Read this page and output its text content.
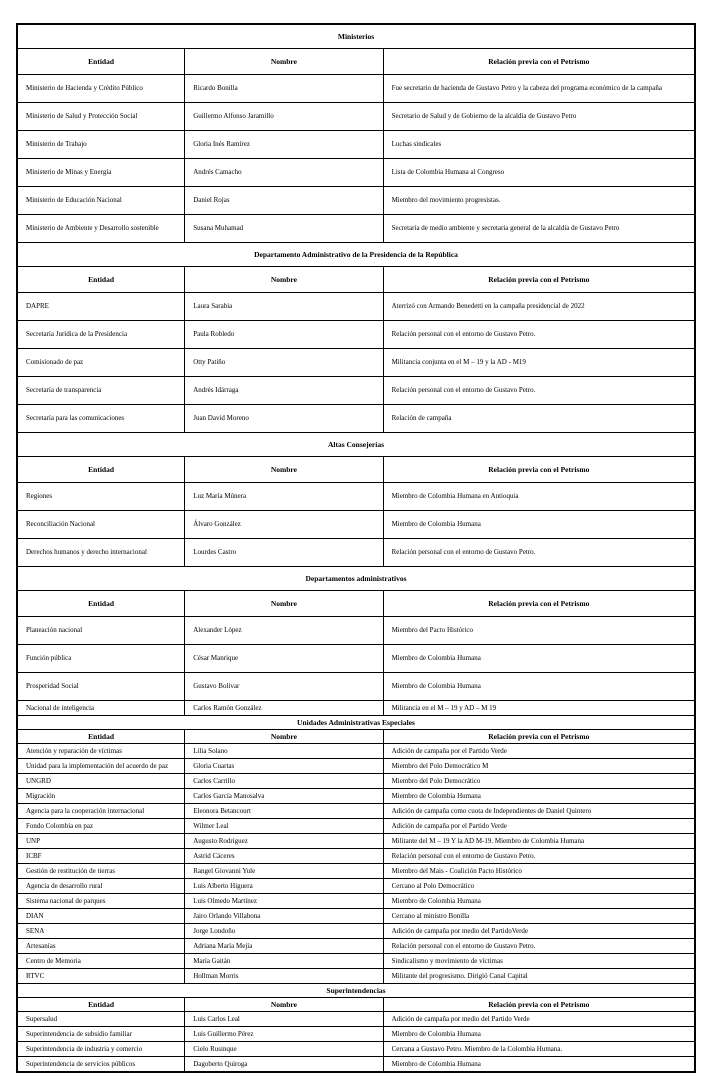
Ministerios		
Entidad	Nombre	Relación previa con el Petrismo
Ministerio de Hacienda y Crédito Público	Ricardo Bonilla	Fue secretario de hacienda de Gustavo Petro y la cabeza del programa económico de la campaña
Ministerio de Salud y Protección Social	Guillermo Alfonso Jaramillo	Secretario de Salud y de Gobierno de la alcaldía de Gustavo Petro
Ministerio de Trabajo	Gloria Inés Ramírez	Luchas sindicales
Ministerio de Minas y Energía	Andrés Camacho	Lista de Colombia Humana al Congreso
Ministerio de Educación Nacional	Daniel Rojas	Miembro del movimiento progresistas.
Ministerio de Ambiente y Desarrollo sostenible	Susana Muhamad	Secretaria de medio ambiente y secretaria general de la alcaldía de Gustavo Petro
Departamento Administrativo de la Presidencia de la República		
Entidad	Nombre	Relación previa con el Petrismo
DAPRE	Laura Sarabia	Aterrizó con Armando Benedetti en la campaña presidencial de 2022
Secretaría Jurídica de la Presidencia	Paula Robledo	Relación personal con el entorno de Gustavo Petro.
Comisionado de paz	Otty Patiño	Militancia conjunta en el M – 19 y la AD - M19
Secretaría de transparencia	Andrés Idárraga	Relación personal con el entorno de Gustavo Petro.
Secretaría para las comunicaciones	Juan David Moreno	Relación de campaña
Altas Consejerías		
Entidad	Nombre	Relación previa con el Petrismo
Regiones	Luz María Múnera	Miembro de Colombia Humana en Antioquia
Reconciliación Nacional	Álvaro González	Miembro de Colombia Humana
Derechos humanos y derecho internacional	Lourdes Castro	Relación personal con el entorno de Gustavo Petro.
Departamentos administrativos		
Entidad	Nombre	Relación previa con el Petrismo
Planeación nacional	Alexander López	Miembro del Pacto Histórico
Función pública	César Manrique	Miembro de Colombia Humana
Prosperidad Social	Gustavo Bolívar	Miembro de Colombia Humana
Nacional de inteligencia	Carlos Ramón González	Militancia en el M – 19 y AD – M 19
Unidades Administrativas Especiales		
Entidad	Nombre	Relación previa con el Petrismo
Atención y reparación de víctimas	Lilia Solano	Adición de campaña por el Partido Verde
Unidad para la implementación del acuerdo de paz	Gloria Cuartas	Miembro del Polo Democrático M
UNGRD	Carlos Carrillo	Miembro del Polo Democrático
Migración	Carlos García Manosalva	Miembro de Colombia Humana
Agencia para la cooperación internacional	Eleonora Betancourt	Adición de campaña como cuota de Independientes de Daniel Quintero
Fondo Colombia en paz	Wilmer Leal	Adición de campaña por el Partido Verde
UNP	Augusto Rodríguez	Militante del M – 19 Y la AD M-19. Miembro de Colombia Humana
ICBF	Astrid Cáceres	Relación personal con el entorno de Gustavo Petro.
Gestión de restitución de tierras	Rangel Giovanni Yule	Miembro del Mais - Coalición Pacto Histórico
Agencia de desarrollo rural	Luis Alberto Higuera	Cercano al Polo Democrático
Sistema nacional de parques	Luis Olmedo Martínez	Miembro de Colombia Humana
DIAN	Jairo Orlando Villabona	Cercano al ministro Bonilla
SENA	Jorge Londoño	Adición de campaña por medio del PartidoVerde
Artesanías	Adriana María Mejía	Relación personal con el entorno de Gustavo Petro.
Centro de Memoria	María Gaitán	Sindicalismo y movimiento de víctimas
RTVC	Hollman Morris	Militante del progresismo. Dirigió Canal Capital
Superintendencias		
Entidad	Nombre	Relación previa con el Petrismo
Supersalud	Luis Carlos Leal	Adición de campaña por medio del Partido Verde
Superintendencia de subsidio familiar	Luis Guillermo Pérez	Miembro de Colombia Humana
Superintendencia de industria y comercio	Cielo Rusinque	Cercana a Gustavo Petro. Miembro de la Colombia Humana.
Superintendencia de servicios públicos	Dagoberto Quiroga	Miembro de Colombia Humana
